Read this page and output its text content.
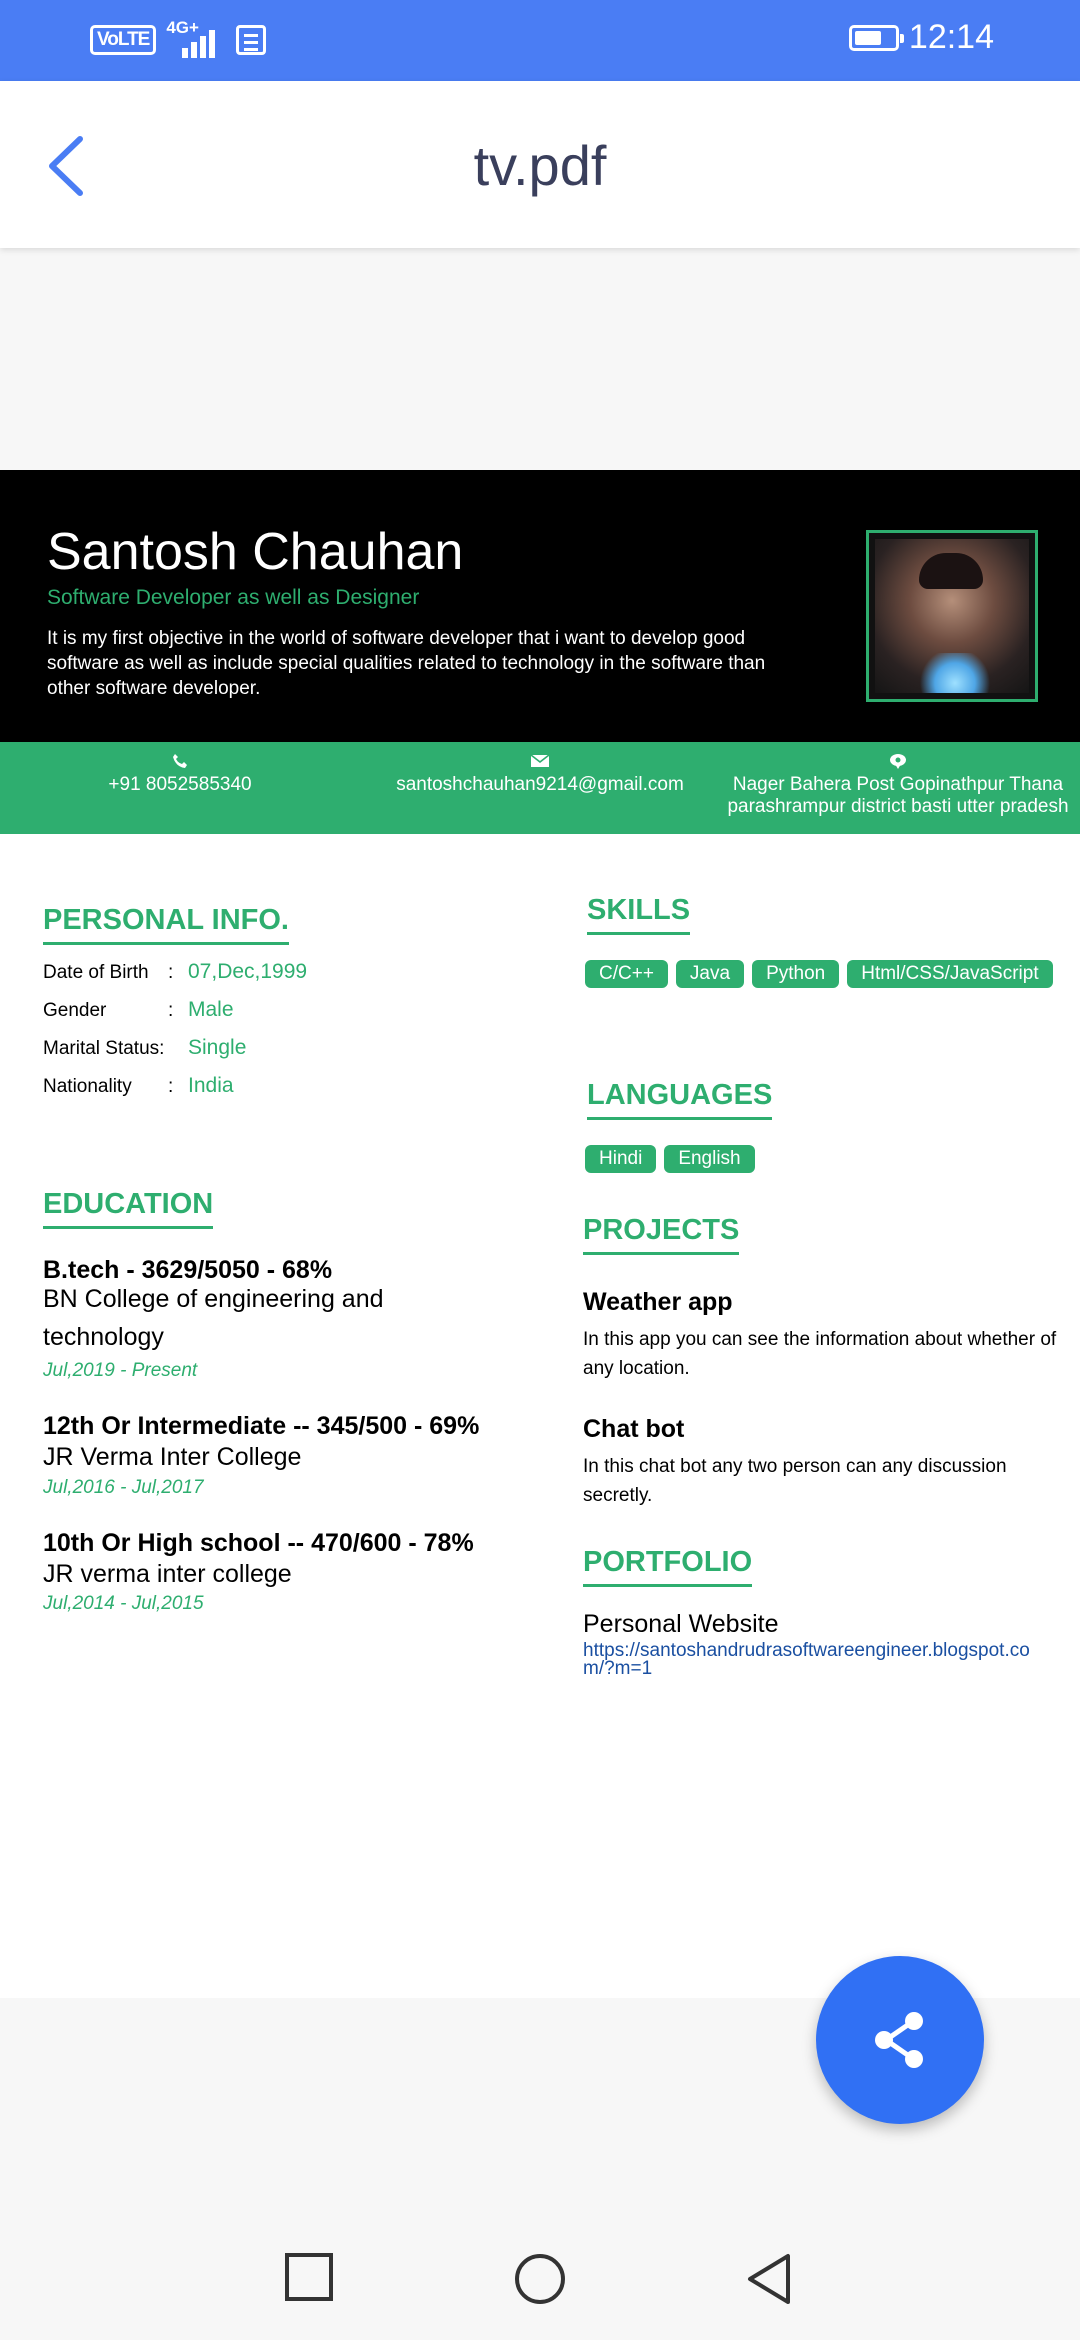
VoLTE
4G+	12:14
tv.pdf
Santosh Chauhan
Software Developer as well as Designer
It is my first objective in the world of software developer that i want to develop good software as well as include special qualities related to technology in the software than other software developer.
+91 8052585340	santoshchauhan9214@gmail.com	Nager Bahera Post Gopinathpur Thana
parashrampur district basti utter pradesh
PERSONAL INFO.
Date of Birth : 07,Dec,1999
Gender	: Male
Marital Status: Single
Nationality : India
EDUCATION
B.tech - 3629/5050 - 68%
BN College of engineering and technology
Jul,2019 - Present
12th Or Intermediate -- 345/500 - 69%
JR Verma Inter College
Jul,2016 - Jul,2017
10th Or High school -- 470/600 - 78%
JR verma inter college
Jul,2014 - Jul,2015
SKILLS
C/C++	Java	Python	Html/CSS/JavaScript
LANGUAGES
Hindi	English
PROJECTS
Weather app
In this app you can see the information about whether of any location.
Chat bot
In this chat bot any two person can any discussion secretly.
PORTFOLIO
Personal Website
https://santoshandrudrasoftwareengineer.blogspot.com/?m=1
